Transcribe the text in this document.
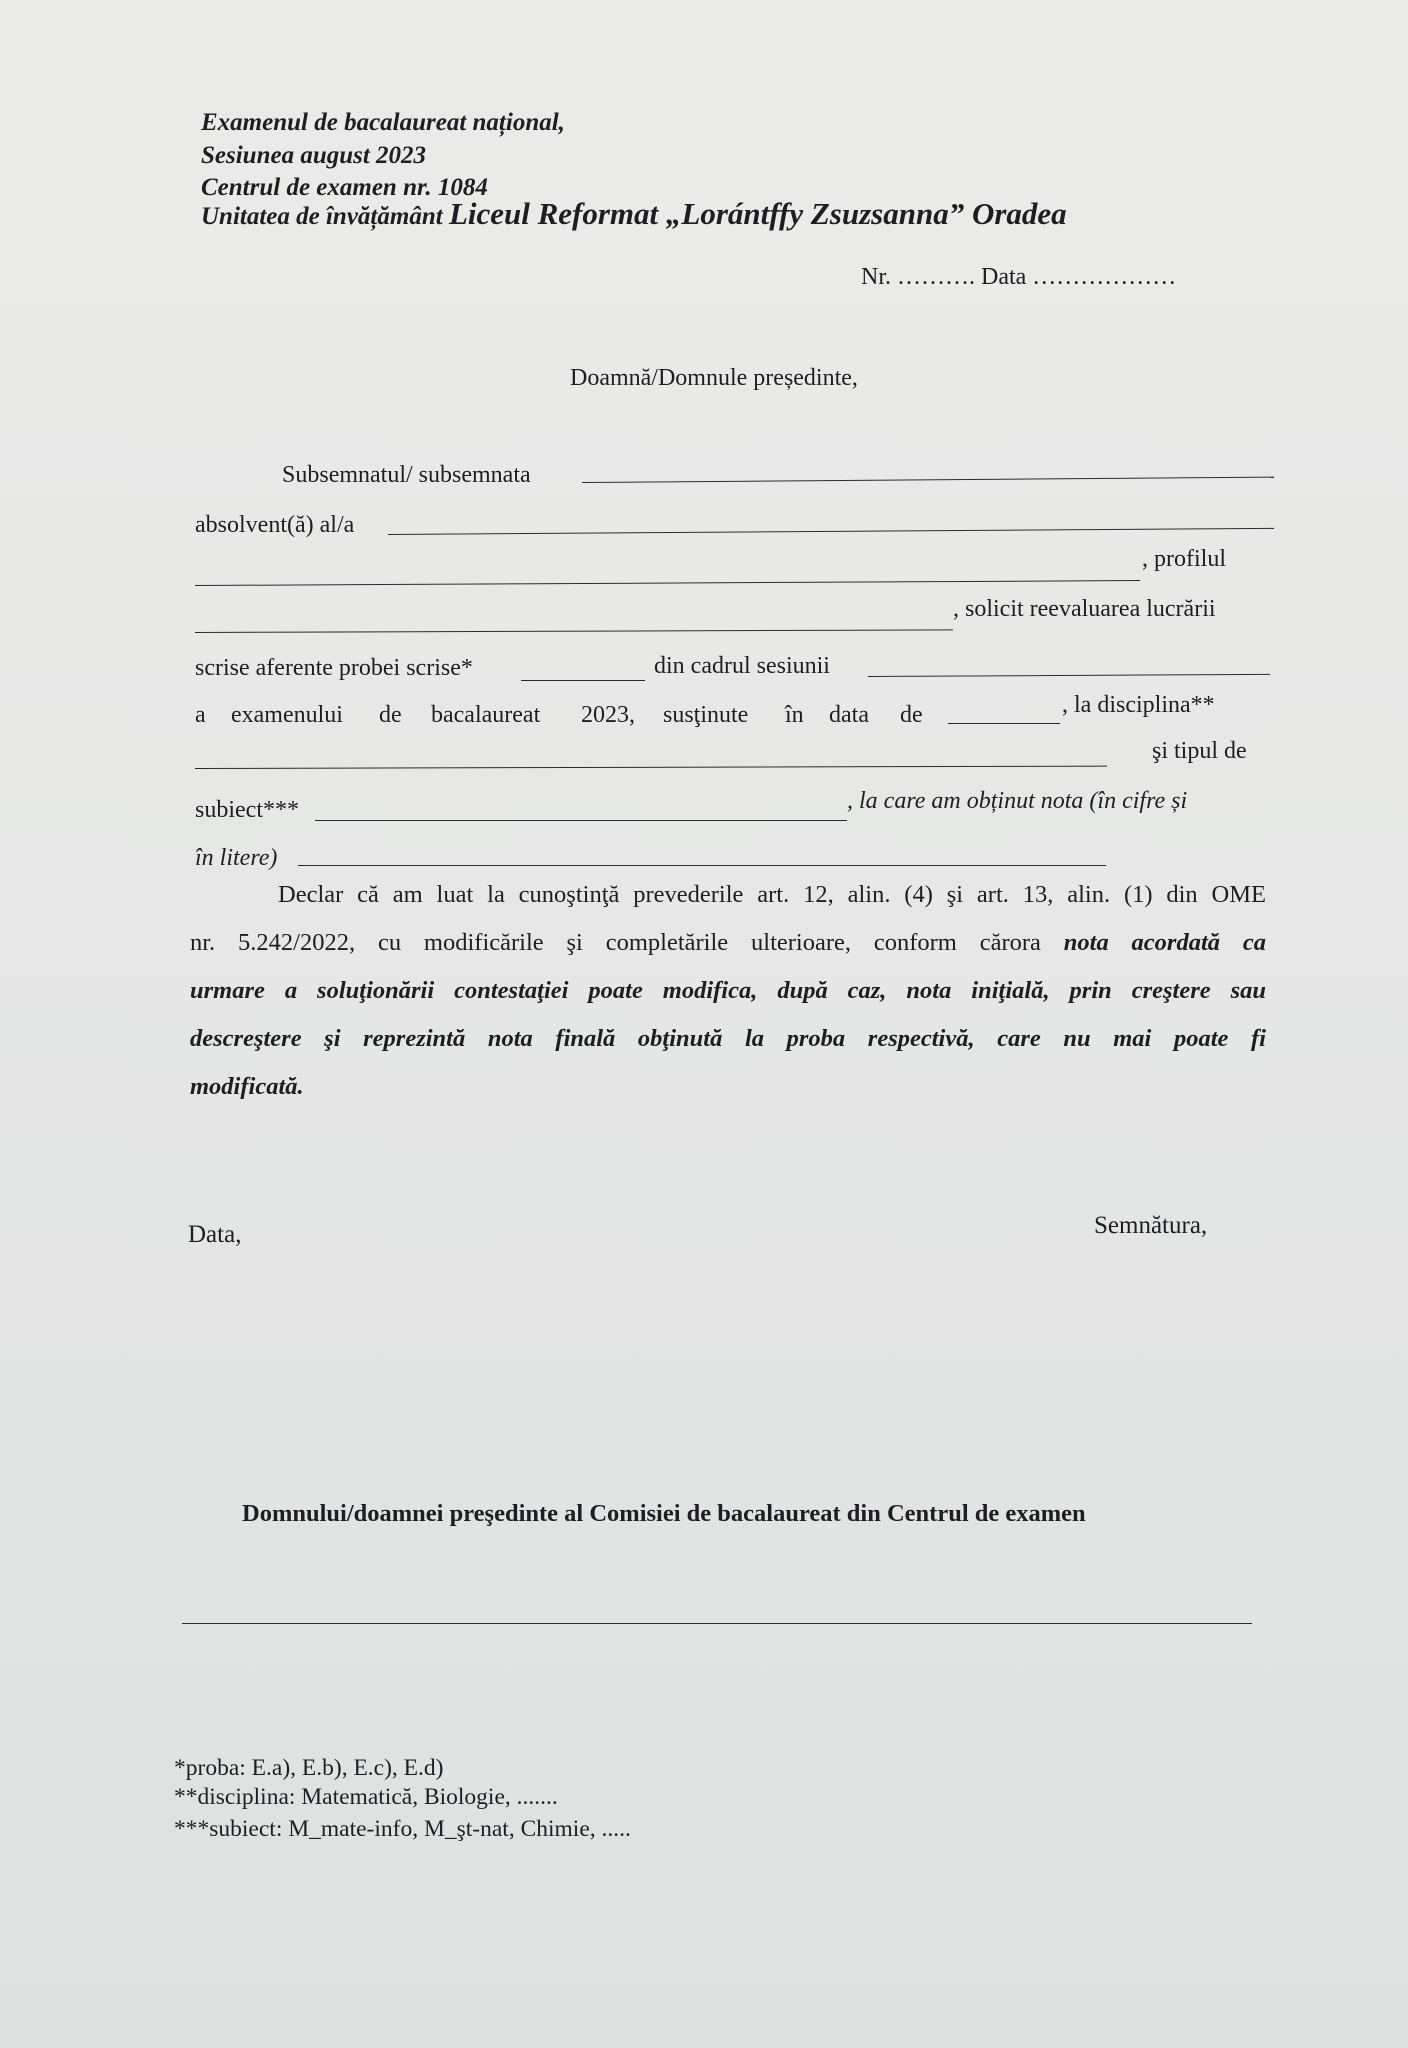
Examenul de bacalaureat național,
Sesiunea august 2023
Centrul de examen nr. 1084
Unitatea de învățământ Liceul Reformat „Lorántffy Zsuzsanna” Oradea
Nr. ………. Data ………………
Doamnă/Domnule președinte,
Subsemnatul/ subsemnata
absolvent(ă) al/a
, profilul
, solicit reevaluarea lucrării
scrise aferente probei scrise*	din cadrul sesiunii
a examenului de bacalaureat 2023, susţinute în data de	, la disciplina**
şi tipul de
subiect***	, la care am obținut nota (în cifre și
în litere)
Declar că am luat la cunoştinţă prevederile art. 12, alin. (4) şi art. 13, alin. (1) din OME
nr. 5.242/2022, cu modificările şi completările ulterioare, conform cărora nota acordată ca
urmare a soluţionării contestaţiei poate modifica, după caz, nota iniţială, prin creştere sau
descreştere şi reprezintă nota finală obţinută la proba respectivă, care nu mai poate fi
modificată.
Data,	Semnătura,
Domnului/doamnei preşedinte al Comisiei de bacalaureat din Centrul de examen
*proba: E.a), E.b), E.c), E.d)
**disciplina: Matematică, Biologie, .......
***subiect: M_mate-info, M_şt-nat, Chimie, .....
